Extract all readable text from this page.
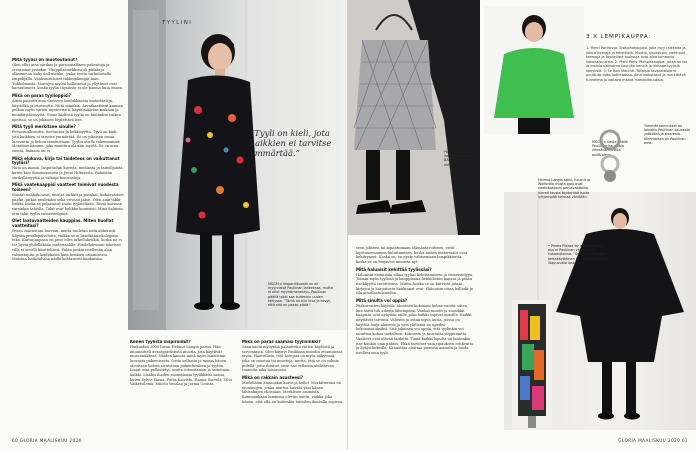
Mitä tyylisi on muotoutunut?

Olen ollut aina värikäs ja persoonallinen pukeutuja ja creationut jostakin. Ylioppilasmekkoni oli pinkki ja olkaimeton baby doll-mekko, jonka teetin turkulaisella ompelijalla. Vaaleanruisiset talikeinkengät hain Tukholmasta. Vaarojen myötä halluttelut ja yllyttenit ovat karsiutuneet, koska tyylin täysiaste ei ole kuoma kuin ennen.

Mikä on paras tyylioppisi?

Äitini painotti aina vaatteen laadukkaasta materiaaleja, käyttölkä ja istuvuutta. Niitä minäkin. Arvatkaattieni kunnan pelkon myös värien mysteeristä, käyttömäärien mukaan ja monikäyttöisyyttä. Viime kädessä tyyliä on kuitenkin vaikea opettaa, se on jokaisen löydettävä itse.

Mitä tyyli merkitsee sinulle?

Persoonallisuutta, itsetuntoa ja leikkisyyttä. Tyyli on kieli, jota kaikkien ei tarvitse ymmärtää. Se on jokaisen omaa luovuutta ja kehon taustoistaan. Tyylin avulla rakennamme identiteettiämme, joka muuttuu elämän myötä. Se on aina vientä, haluaisi tai ei.

Mikä elokuva, kirja tai taideteos on vaikuttanut tyyliisi?

Niitä on monia. Inspiroidun kuvista, mediasta ja taiteilijoista, kuten Kim Simonssonista ja Jenni Hiltusesta. Rakastan värikylläisyyttä ja valtoija kontrasteja.

Mikä vaatekaappisi vaatteet toimivat vuodesta toiseen?

Mustat nahkahousut, mustat turkkit ja pusakat, kirkasväriset paidat, pitkät neuletakit sekä erivasit jakut. Olen aina takki-friikki, koska se pelastavat asuin tyyliseltään. Tässä kuvassa varsinkin takeilla. Takit ovat helikka kontrasti. Minä haluisin että takit tyylin viimeistelijänä.

Olet laatuvaatteiden kauppias. Miten huollat vaatteitasi?

Pesen vaatteitani harvoin, mutta tuuletan niitä ahkerasti. Käytän pesulapalveluita, vaikka se ei lienekään ekologisin teko. Kaivannapaan en pese edes urheilukenkiä, koska ne ei ter hyviä yhdelläkään materiaalille. Huolehdessani takeissa villa ei sovelli käsitteltävä. Pidän jonkin itsellenän alan valmistajilta ja laadukasta kuin kenkien ostamisesta. Muistan keskitalvina näillä kohtaisesti kankaisiin.

TYYLINI

”Tyyli on kieli, jota kaikkien ei tarvitse ymmärtää.”

MSGM:n leopardikuosiit on oli myynnissä Pauliinan lahkeessa, mutta ei ollut myyntimenestys. Pauliinan päällä takki saa kuitenkin uuden kehyssa. ”Tämä on niin kiva ja kevyt, että sitä on pakko pitää.”

Kenen tyylistä inspiroidut?

Haikuiden 2000-luvun Helmut Langin pariin. Hän muunnitteli avantgardistista muotia, jota käyttivät museonäkkeet. Näiden kanssa minä myös innoistuin luovasta pukemisesta. Ostin sellaisia ja monia hänen ideoitaan lisäsin sivuistaan pukeutumisen ja tyyliin. Linjat ovat pelkistetyt, mutta toteuttaman ja taiteitaan kaikki. Lisäksi ihailen suomalaisia tyylikkäitä naisia, kuten Sylvie Masia, Petra Koivisto, Hanna Sarvela, Vilvi Vaikeenlemä, Minttu Vesalaa ja Jorma Uotista.

Mikä on paras saamasi tyylivinkki?

Saan usein myöyntiä palautteita värien käytöstä ja tarvontasta. Olen käynyt Pauliinan muodin ottamisessa myös. Haaveilisin, että kotejani on myös näkyvissä, joka on muotoa tai muisteja, mutta, että se on valmis pidellä, jotta ihmiset eivät saa sellaista ahdistavaa tunnetta aika loistavasti.

Mikä on rakkain asusteesi?

Mielellääni ämmuskin korut ja kellot. Merkitteränä on mummojen, jonka mattoa kiertää yksi hänen lähisukujen oloistaan. Merkitsee asumista. Kummankaan luminssa oleviin mutta, vaikka joka hänen, että ulla on kuitenkin taiteilen ihmisille sopivaa.

60 GLORIA MAALISKUU 2020

Pauliina käyttää Issey Miyaken BAO BAO -laukkua hyvin ahkerasti.

MSGM:n neule päällä Pauliinan kaupasta vihreänä rinnalla esillä oleva.

3 X LEMPIKAUPPA:

1. Merci Pariisissa. Sisäpihakauppa, joka myy raikkaita ja iloisia kuoseja ja tekstiilejä. Muotia, sisustusta, vaihtuvia teemoja ja täydellisiä tuoksuja ovat aina lumoavia kokonaisuuksia. 2. Pieni Paris. Pienoiskauppa, jossa on iso ja mainio valikoima kauniita kenkiä ja vintage-tyylisiä kehyksiä. 3. Le Bon Marché. Tällaisia tavarataloja ei puuttuisi edes kotimaassa. Aina vaikuttava ja merkittävä tunnelma ja valtava määrä mahdollisuuksia.

Ylimmät sormukset on lainattu Pauliinan kaunesta ystävältä ja sisaresta. Alimmaisen on Pauliinan oma.

Helmut Langin takki, housut ja Wolfordin musta polo ovat vaatekaappini perusvaatteita. Vihreä tausta täydentää tuota lyhyempää helmaa väriltään.

• Pleats Please by Issey Miyaken asu ei Pauliinan vilme kesän kukomotonna. ”Se kaikki pituinen kertakäyttöinen ja ranskanlaisesta iltapuvusta laskokset.”

seen jokseen tai tapahtumaan elämäntavoitteen, eivät lajittuneenamme kuluttamisen, koska niiden materiaalit ovat kehittyneet. Koska on, en pysty valitsemaan lempikkuutta, koska se on heijastus minusta nyt.

Mitä haluaisit kehittää tyylissäsi?

Haluaisin enemmän aikaa tyylini kehittämiseen ja viimeistelyyn. Toimin myös tyylissä ja kauppiaana henkilöstön kanssa ja pidän itsekkyyttä tavoitteena. Mutta, koska se on kiireistä jotain, kirjojen ja harjoitusta hankinnat ovat. Haluaisin ottaa balladit ja tila ainutlaatuisuuden.

Mitä sinulta voi oppia?

Pääkoreisten käyttöä. Menestsi kokoaani kolme vuotta sitten, kun tästä tuli aiheita lähempänä, Vanhat muotit ja suosikkit kaapista ovat nykyään niille, joka kaikki sopivat minulle. Kaikki näyttävät toiveita. Valitsen ja ostan myös uusia, joissa on käyttöä laaja-alaisesti ja voin yhdistää ne upeiksi kokonaisuuksiksi. Sitä jokainen voi oppia, että tyylinkin voi muuttaa kokoa uudelleen. Kokoasta ja taustasta riippumatta. Vaatteet ovat elävää taidetta. Tämä kaikki lopulta on kuitenkin itse kunkin oma päätös. Ehkä tarvitset vain ripauksen rohkeutta ja kykyä kokeilla. Kannattaa aloittaa pienistä asioista ja luoda itsellesi oma tyyli.

GLORIA MAALISKUU 2020 61
